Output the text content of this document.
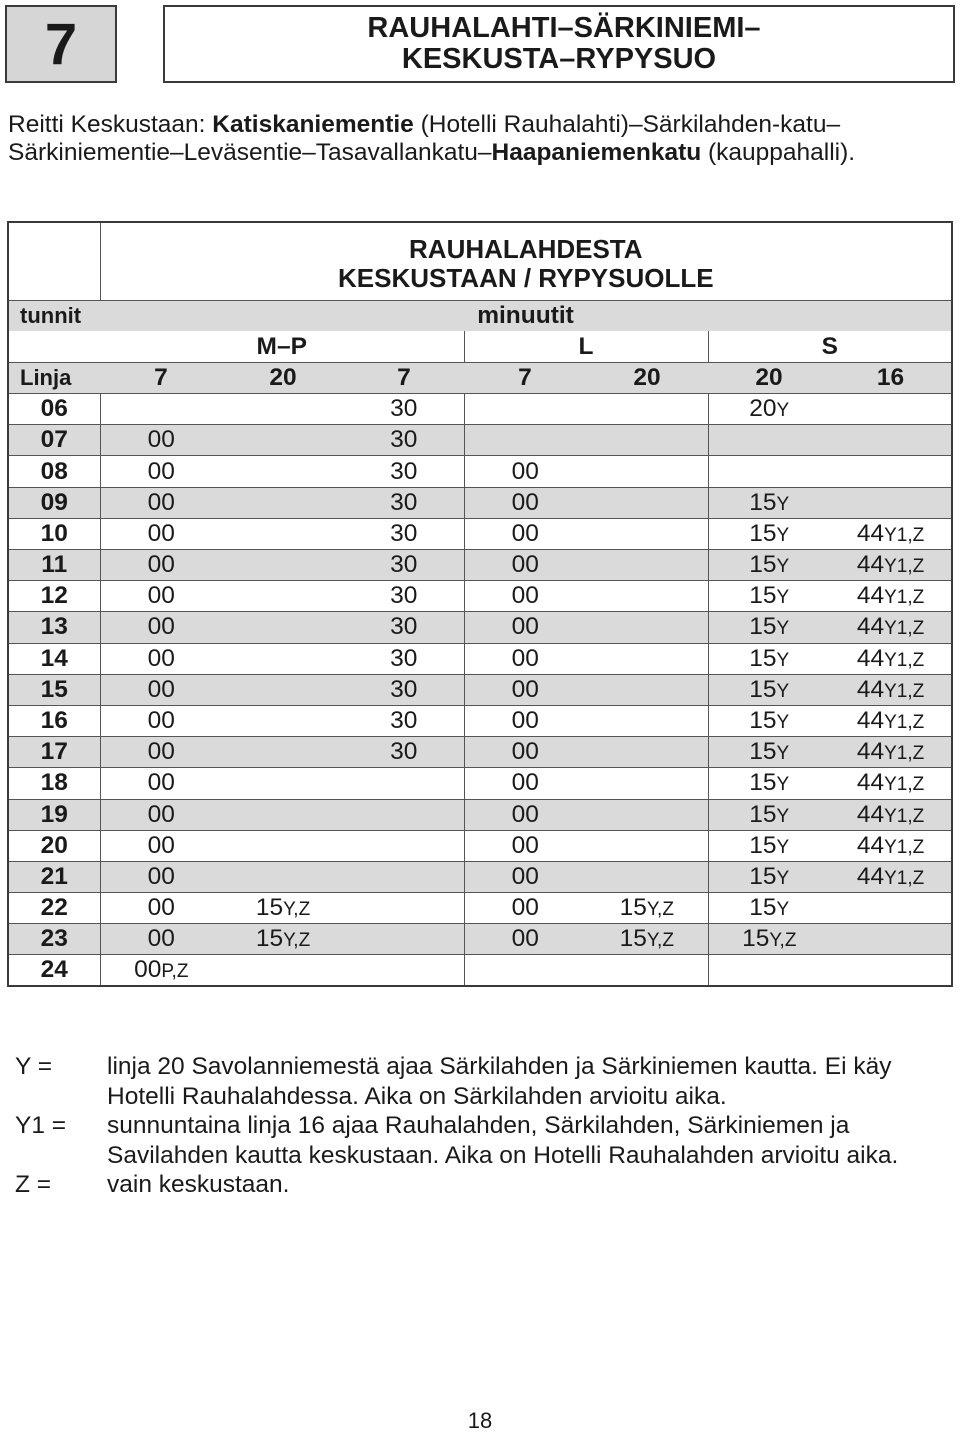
7	RAUHALAHTI–SÄRKINIEMI–
KESKUSTA–RYPYSUO
Reitti Keskustaan: Katiskaniementie (Hotelli Rauhalahti)–Särkilahden-katu–Särkiniementie–Leväsentie–Tasavallankatu–Haapaniemenkatu (kauppahalli).

	RAUHALAHDESTA
KESKUSTAAN / RYPYSUOLLE						

tunnit	minuutit						
	M–P			L		S	
Linja	7	20	7	7	20	20	16
06			30			20Y	
07	00		30				
08	00		30	00			
09	00		30	00		15Y	
10	00		30	00		15Y	44Y1,Z
11	00		30	00		15Y	44Y1,Z
12	00		30	00		15Y	44Y1,Z
13	00		30	00		15Y	44Y1,Z
14	00		30	00		15Y	44Y1,Z
15	00		30	00		15Y	44Y1,Z
16	00		30	00		15Y	44Y1,Z
17	00		30	00		15Y	44Y1,Z
18	00			00		15Y	44Y1,Z
19	00			00		15Y	44Y1,Z
20	00			00		15Y	44Y1,Z
21	00			00		15Y	44Y1,Z
22	00	15Y,Z		00	15Y,Z	15Y	
23	00	15Y,Z		00	15Y,Z	15Y,Z	
24	00P,Z						
Y =	linja 20 Savolanniemestä ajaa Särkilahden ja Särkiniemen kautta. Ei käy Hotelli Rauhalahdessa. Aika on Särkilahden arvioitu aika.
Y1 =	sunnuntaina linja 16 ajaa Rauhalahden, Särkilahden, Särkiniemen ja Savilahden kautta keskustaan. Aika on Hotelli Rauhalahden arvioitu aika.
Z =	vain keskustaan.
18
